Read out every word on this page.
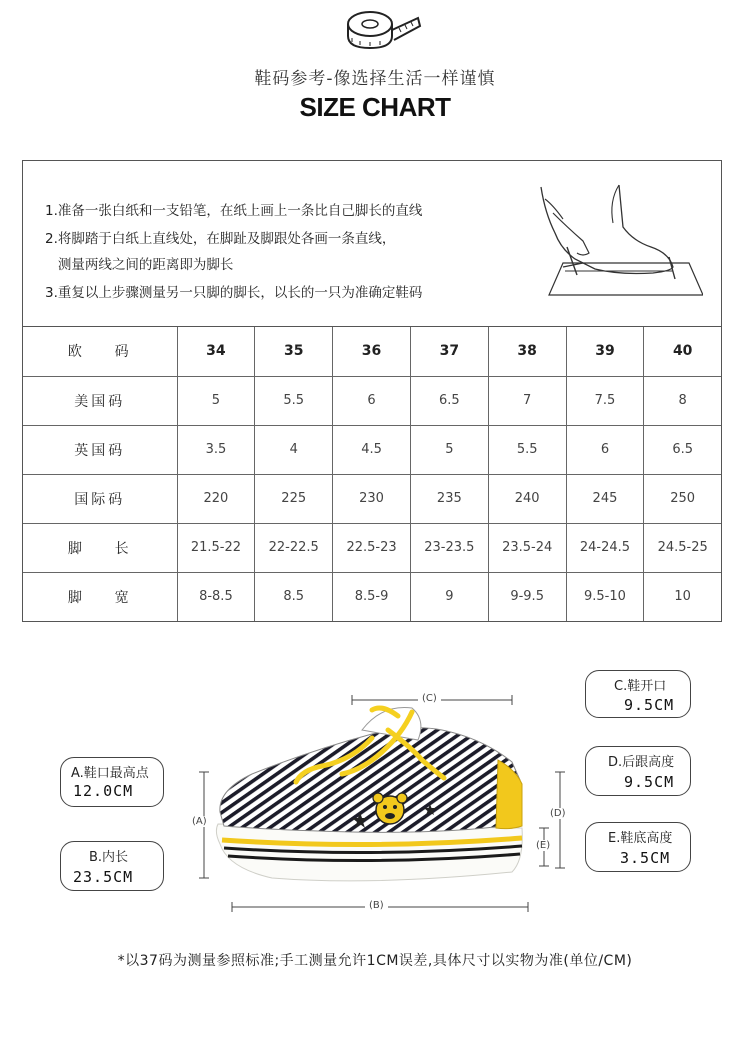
鞋码参考-像选择生活一样谨慎
SIZE CHART
1.准备一张白纸和一支铅笔，在纸上画上一条比自己脚长的直线
2.将脚踏于白纸上直线处，在脚趾及脚跟处各画一条直线，
测量两线之间的距离即为脚长
3.重复以上步骤测量另一只脚的脚长，以长的一只为准确定鞋码
欧    码	34	35	36	37	38	39	40
美国码	5	5.5	6	6.5	7	7.5	8
英国码	3.5	4	4.5	5	5.5	6	6.5
国际码	220	225	230	235	240	245	250
脚    长	21.5-22	22-22.5	22.5-23	23-23.5	23.5-24	24-24.5	24.5-25
脚    宽	8-8.5	8.5	8.5-9	9	9-9.5	9.5-10	10
(C)
(B)
(A)
(D)
(E)
A.鞋口最高点
12.0CM
B.内长
23.5CM
C.鞋开口
9.5CM
D.后跟高度
9.5CM
E.鞋底高度
3.5CM
*以37码为测量参照标准;手工测量允许1CM误差,具体尺寸以实物为准(单位/CM)
